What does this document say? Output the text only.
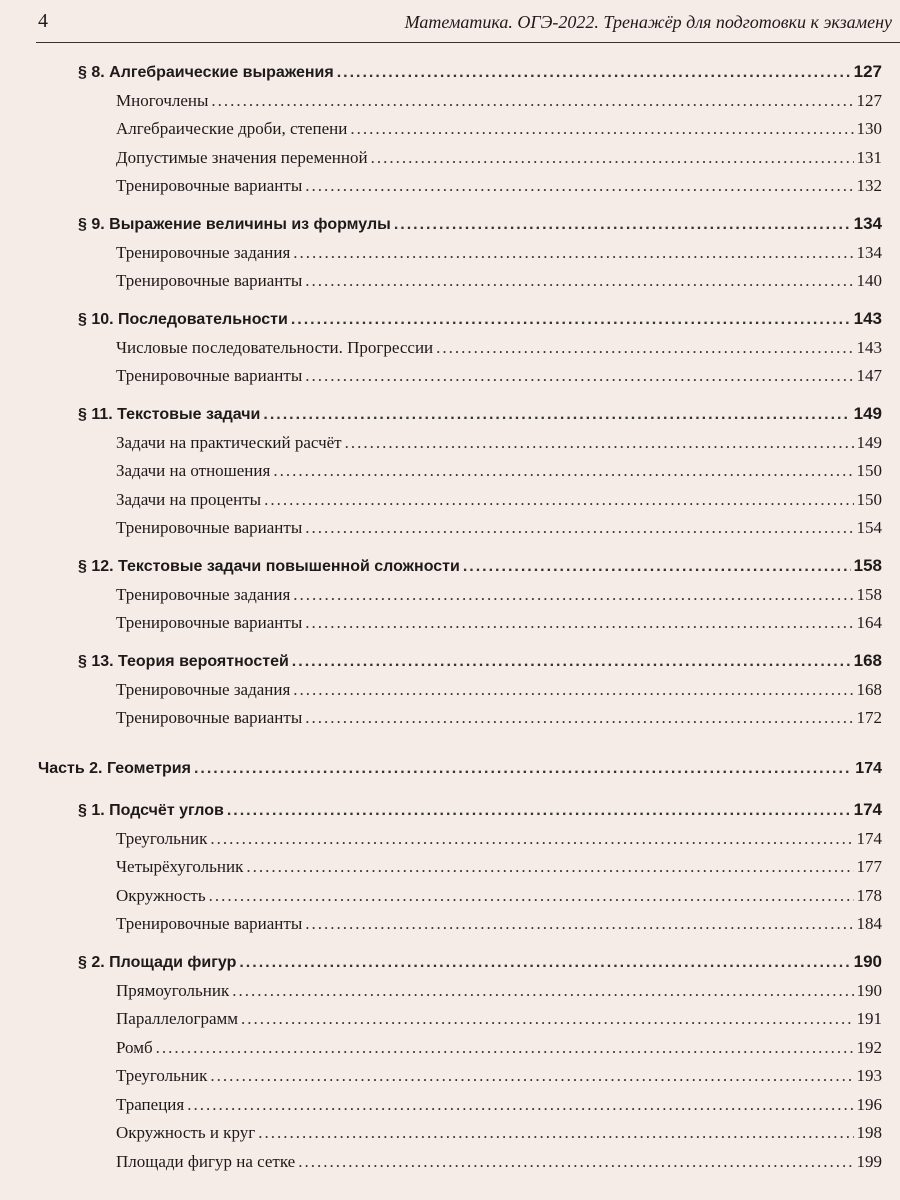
4	Математика. ОГЭ-2022. Тренажёр для подготовки к экзамену
§ 8. Алгебраические выражения .....	127
Многочлены .....	127
Алгебраические дроби, степени .....	130
Допустимые значения переменной .....	131
Тренировочные варианты .....	132
§ 9. Выражение величины из формулы .....	134
Тренировочные задания .....	134
Тренировочные варианты .....	140
§ 10. Последовательности .....	143
Числовые последовательности. Прогрессии .....	143
Тренировочные варианты .....	147
§ 11. Текстовые задачи .....	149
Задачи на практический расчёт .....	149
Задачи на отношения .....	150
Задачи на проценты .....	150
Тренировочные варианты .....	154
§ 12. Текстовые задачи повышенной сложности .....	158
Тренировочные задания .....	158
Тренировочные варианты .....	164
§ 13. Теория вероятностей .....	168
Тренировочные задания .....	168
Тренировочные варианты .....	172
Часть 2. Геометрия .....	174
§ 1. Подсчёт углов .....	174
Треугольник .....	174
Четырёхугольник .....	177
Окружность .....	178
Тренировочные варианты .....	184
§ 2. Площади фигур .....	190
Прямоугольник .....	190
Параллелограмм .....	191
Ромб .....	192
Треугольник .....	193
Трапеция .....	196
Окружность и круг .....	198
Площади фигур на сетке .....	199
